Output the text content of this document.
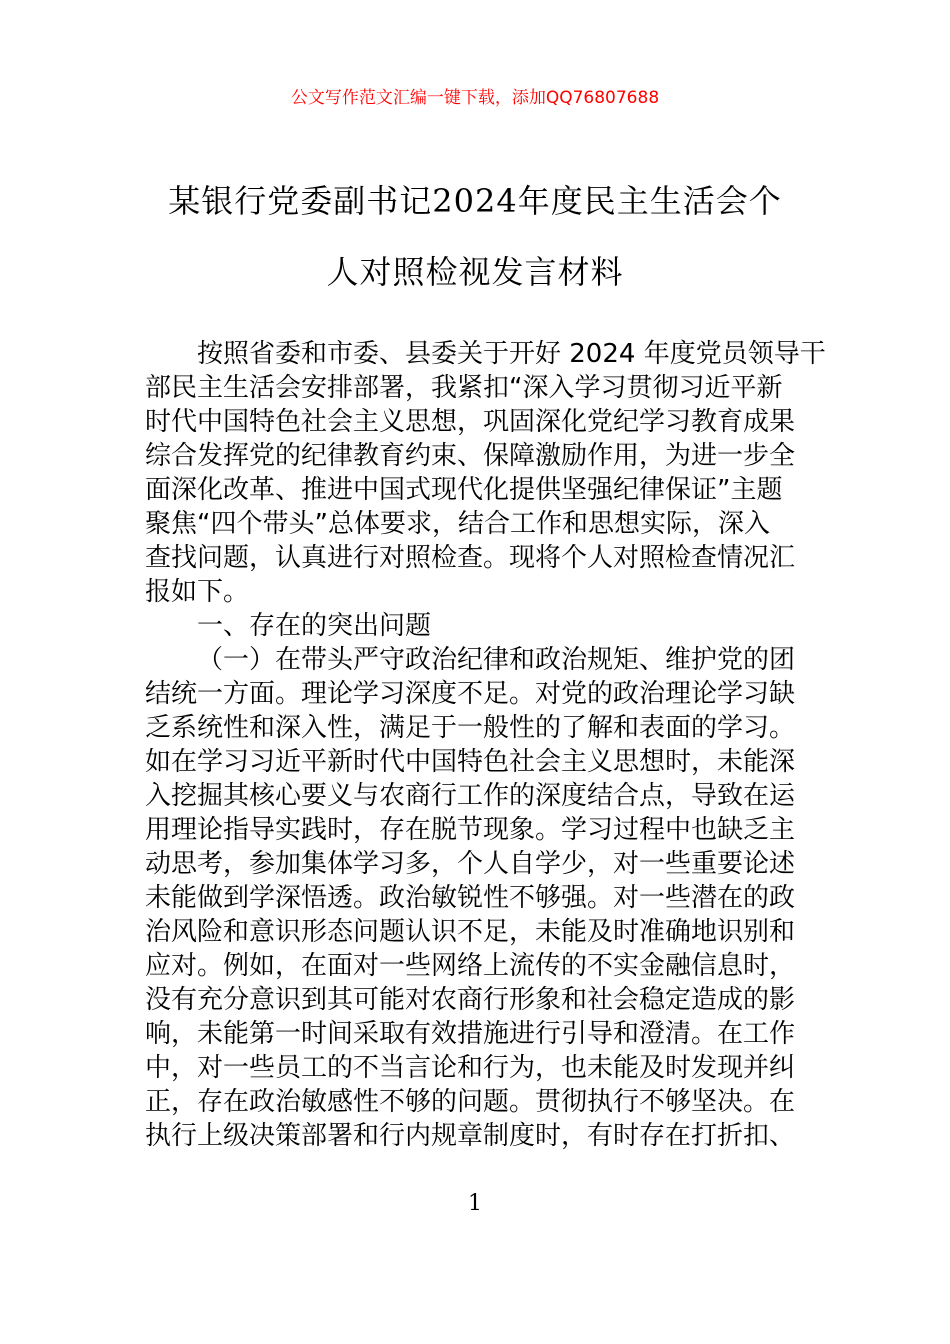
公文写作范文汇编一键下载，添加QQ76807688
某银行党委副书记2024年度民主生活会个
人对照检视发言材料
按照省委和市委、县委关于开好 2024 年度党员领导干
部民主生活会安排部署，我紧扣“深入学习贯彻习近平新
时代中国特色社会主义思想，巩固深化党纪学习教育成果
综合发挥党的纪律教育约束、保障激励作用，为进一步全
面深化改革、推进中国式现代化提供坚强纪律保证”主题
聚焦“四个带头”总体要求，结合工作和思想实际，深入
查找问题，认真进行对照检查。现将个人对照检查情况汇
报如下。
一、存在的突出问题
（一）在带头严守政治纪律和政治规矩、维护党的团
结统一方面。理论学习深度不足。对党的政治理论学习缺
乏系统性和深入性，满足于一般性的了解和表面的学习。
如在学习习近平新时代中国特色社会主义思想时，未能深
入挖掘其核心要义与农商行工作的深度结合点，导致在运
用理论指导实践时，存在脱节现象。学习过程中也缺乏主
动思考，参加集体学习多，个人自学少，对一些重要论述
未能做到学深悟透。政治敏锐性不够强。对一些潜在的政
治风险和意识形态问题认识不足，未能及时准确地识别和
应对。例如，在面对一些网络上流传的不实金融信息时，
没有充分意识到其可能对农商行形象和社会稳定造成的影
响，未能第一时间采取有效措施进行引导和澄清。在工作
中，对一些员工的不当言论和行为，也未能及时发现并纠
正，存在政治敏感性不够的问题。贯彻执行不够坚决。在
执行上级决策部署和行内规章制度时，有时存在打折扣、
1
